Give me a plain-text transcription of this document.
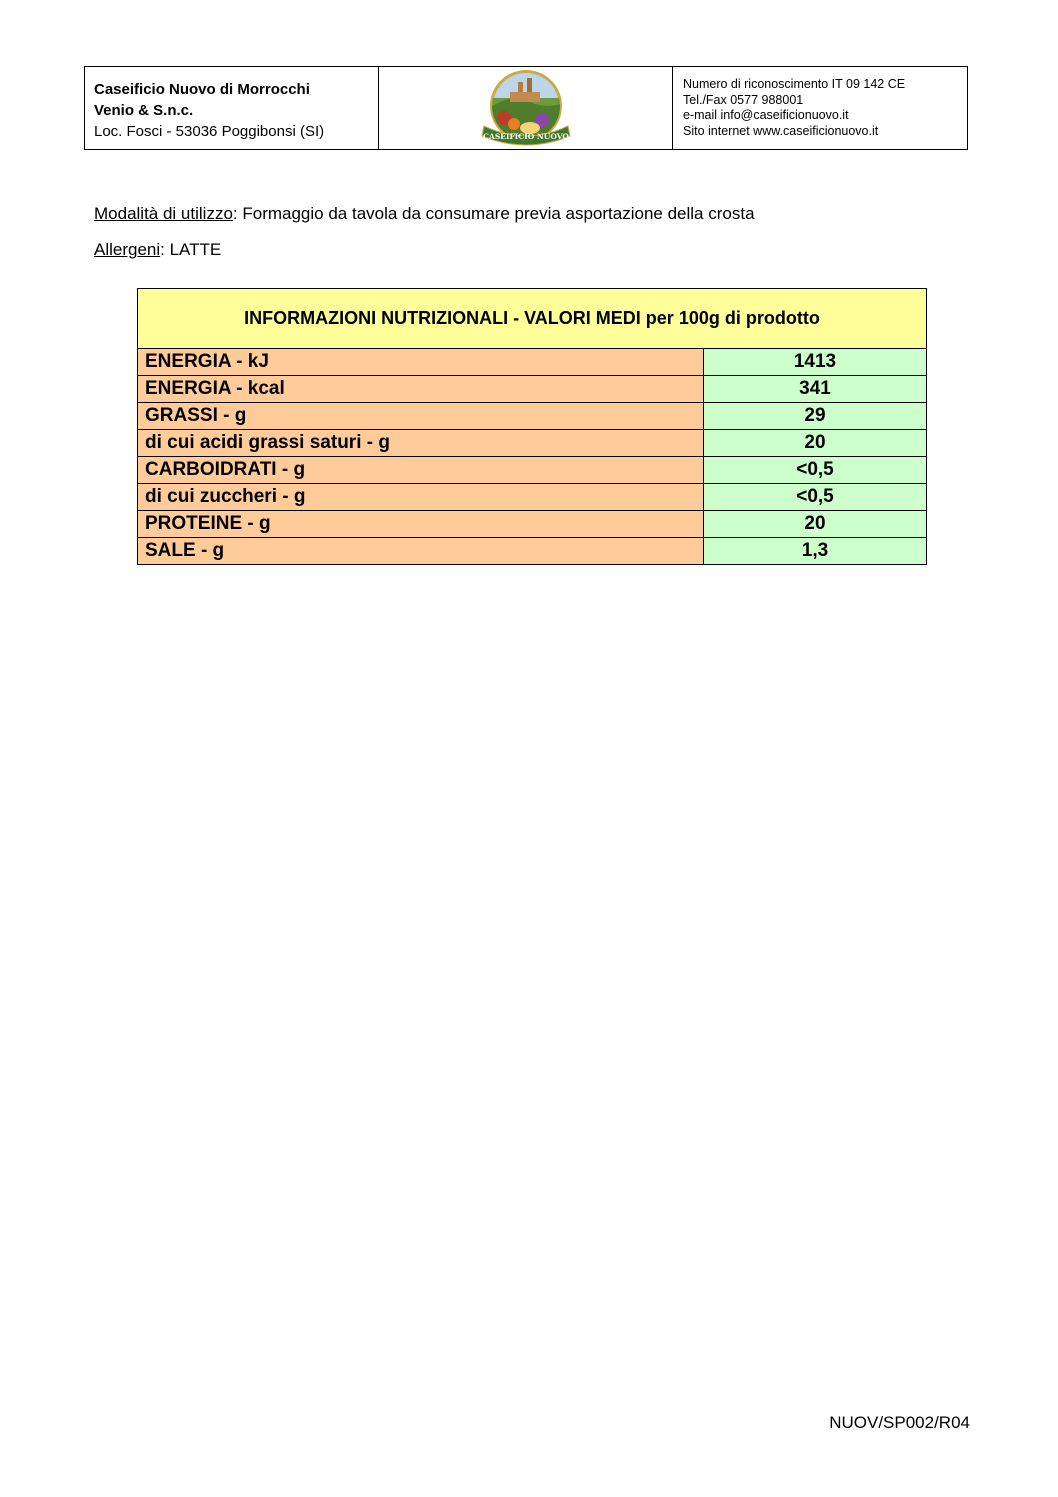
Caseificio Nuovo di Morrocchi
Venio & S.n.c.
Loc. Fosci - 53036 Poggibonsi (SI)	CASEIFICIO NUOVO
Numero di riconoscimento IT 09 142 CE
Tel./Fax 0577 988001
e-mail info@caseificionuovo.it
Sito internet www.caseificionuovo.it
Modalità di utilizzo: Formaggio da tavola da consumare previa asportazione della crosta
Allergeni: LATTE
INFORMAZIONI NUTRIZIONALI - VALORI MEDI per 100g di prodotto	
ENERGIA - kJ	1413
ENERGIA - kcal	341
GRASSI - g	29
di cui acidi grassi saturi - g	20
CARBOIDRATI - g	<0,5
di cui zuccheri - g	<0,5
PROTEINE - g	20
SALE - g	1,3
NUOV/SP002/R04
